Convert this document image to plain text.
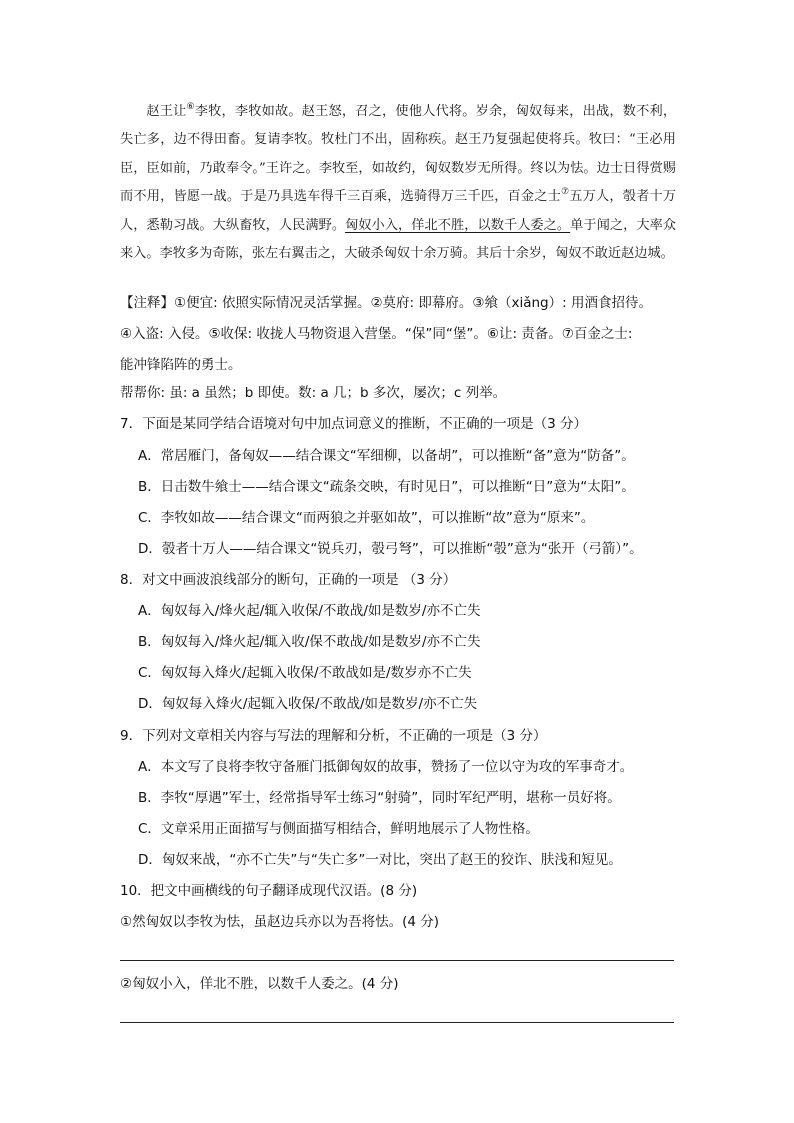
赵王让⑥李牧，李牧如故。赵王怒，召之，使他人代将。岁余，匈奴每来，出战，数不利，失亡多，边不得田畜。复请李牧。牧杜门不出，固称疾。赵王乃复强起使将兵。牧曰：“王必用臣，臣如前，乃敢奉令。”王许之。李牧至，如故约，匈奴数岁无所得。终以为怯。边士日得赏赐而不用，皆愿一战。于是乃具选车得千三百乘，选骑得万三千匹，百金之士⑦五万人，彀者十万人，悉勒习战。大纵畜牧，人民满野。匈奴小入，佯北不胜，以数千人委之。单于闻之，大率众来入。李牧多为奇陈，张左右翼击之，大破杀匈奴十余万骑。其后十余岁，匈奴不敢近赵边城。

【注释】①便宜: 依照实际情况灵活掌握。②莫府: 即幕府。③飨（xiǎng）: 用酒食招待。

④入盗: 入侵。⑤收保: 收拢人马物资退入营堡。“保”同“堡”。⑥让: 责备。⑦百金之士:

能冲锋陷阵的勇士。

帮帮你: 虽: a 虽然；b 即使。数: a 几；b 多次，屡次；c 列举。
7．下面是某同学结合语境对句中加点词意义的推断，不正确的一项是（3 分）
A．常居雁门，备匈奴——结合课文“军细柳，以备胡”，可以推断“备”意为“防备”。
B．日击数牛飨士——结合课文“疏条交映，有时见日”，可以推断“日”意为“太阳”。
C．李牧如故——结合课文“而两狼之并驱如故”，可以推断“故”意为“原来”。
D．彀者十万人——结合课文“锐兵刃，彀弓弩”，可以推断“彀”意为“张开（弓箭）”。
8．对文中画波浪线部分的断句，正确的一项是 （3 分）
A．匈奴每入/烽火起/辄入收保/不敢战/如是数岁/亦不亡失
B．匈奴每入/烽火起/辄入收/保不敢战/如是数岁/亦不亡失
C．匈奴每入烽火/起辄入收保/不敢战如是/数岁亦不亡失
D．匈奴每入烽火/起辄入收保/不敢战/如是数岁/亦不亡失
9．下列对文章相关内容与写法的理解和分析，不正确的一项是（3 分）
A．本文写了良将李牧守备雁门抵御匈奴的故事，赞扬了一位以守为攻的军事奇才。
B．李牧“厚遇”军士，经常指导军士练习“射骑”，同时军纪严明，堪称一员好将。
C．文章采用正面描写与侧面描写相结合，鲜明地展示了人物性格。
D．匈奴来战，“亦不亡失”与“失亡多”一对比，突出了赵王的狡诈、肤浅和短见。
10．把文中画横线的句子翻译成现代汉语。(8 分)
①然匈奴以李牧为怯，虽赵边兵亦以为吾将怯。(4 分)
②匈奴小入，佯北不胜，以数千人委之。(4 分)
